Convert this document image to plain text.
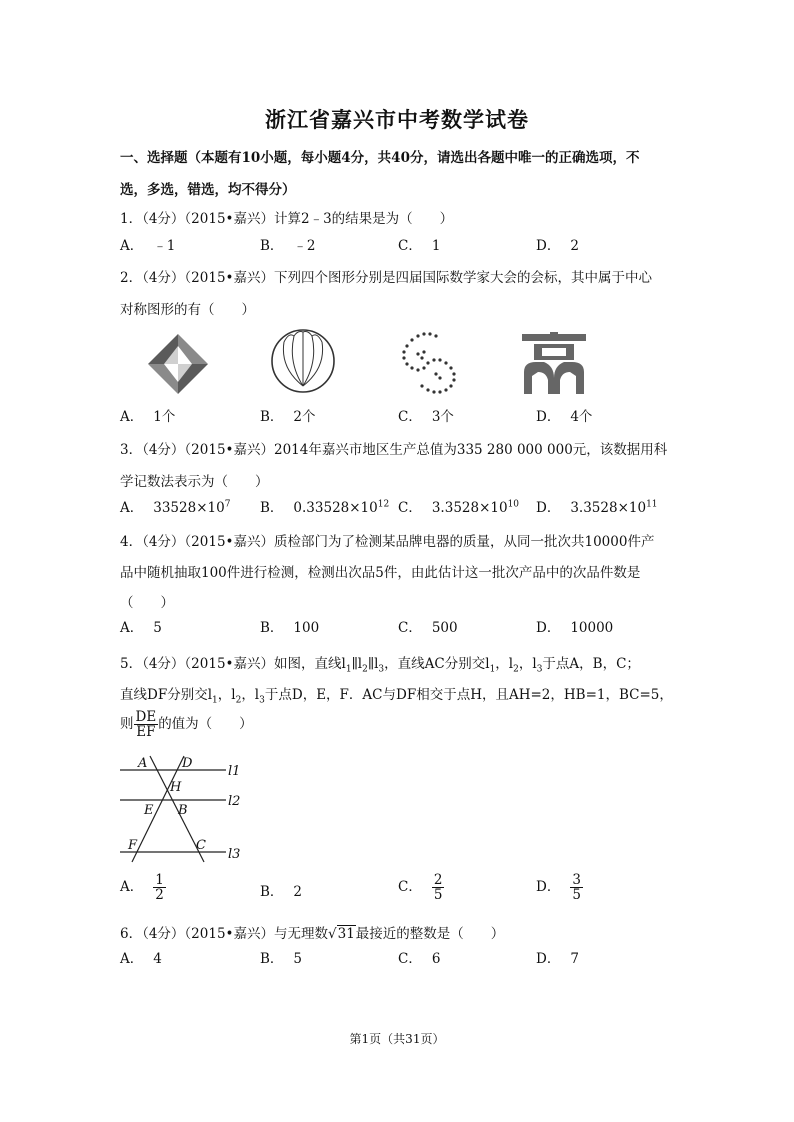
浙江省嘉兴市中考数学试卷
一、选择题（本题有10小题，每小题4分，共40分，请选出各题中唯一的正确选项，不
选，多选，错选，均不得分）
1．（4分）（2015•嘉兴）计算2﹣3的结果是为（　　）
A． ﹣1	B． ﹣2	C． 1	D． 2
2．（4分）（2015•嘉兴）下列四个图形分别是四届国际数学家大会的会标，其中属于中心
对称图形的有（　　）
A． 1个	B． 2个	C． 3个	D． 4个
3．（4分）（2015•嘉兴）2014年嘉兴市地区生产总值为335 280 000 000元，该数据用科
学记数法表示为（　　）
A． $33528\times 10^7$ B． $0.33528\times 10^{12}$ C． $3.3528\times 10^{10}$ D． $3.3528\times 10^{11}$
4．（4分）（2015•嘉兴）质检部门为了检测某品牌电器的质量，从同一批次共10000件产
品中随机抽取100件进行检测，检测出次品5件，由此估计这一批次产品中的次品件数是
（　　）
A． 5	B． 100	C． 500	D． 10000
5．（4分）（2015•嘉兴）如图，直线$l_1\parallel l_2\parallel l_3$，直线AC分别交$l_1$，$l_2$，$l_3$于点A，B，C；
直线DF分别交$l_1$，$l_2$，$l_3$于点D，E，F．AC与DF相交于点H，且AH=2，HB=1，BC=5，
则 $\frac{DE}{EF}$ 的值为（　　）
A	D
H
E B
F	C
l1
l2
l3
A． $\frac{1}{2}$	B． 2	C． $\frac{2}{5}$	D． $\frac{3}{5}$
6．（4分）（2015•嘉兴）与无理数√31最接近的整数是（　　）
A． 4	B． 5	C． 6	D． 7
第1页（共31页）
